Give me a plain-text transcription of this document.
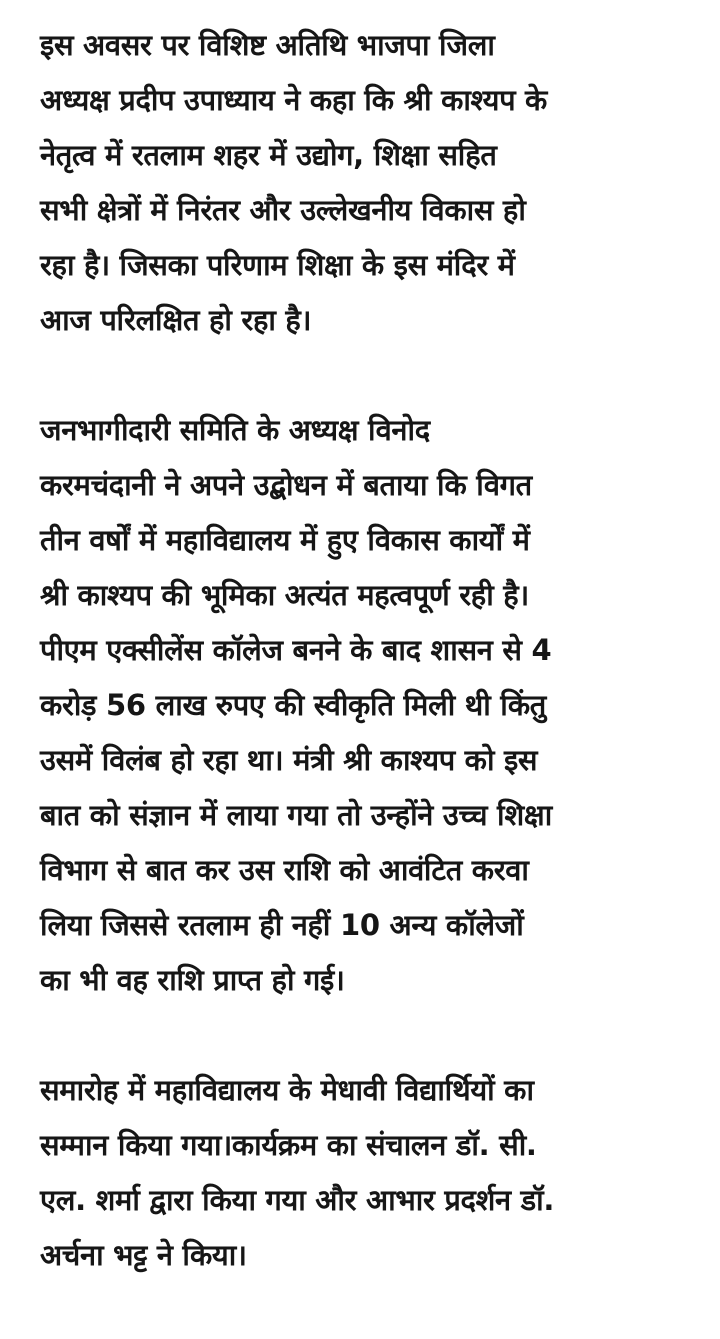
इस अवसर पर विशिष्ट अतिथि भाजपा जिला
अध्यक्ष प्रदीप उपाध्याय ने कहा कि श्री काश्यप के
नेतृत्व में रतलाम शहर में उद्योग, शिक्षा सहित
सभी क्षेत्रों में निरंतर और उल्लेखनीय विकास हो
रहा है। जिसका परिणाम शिक्षा के इस मंदिर में
आज परिलक्षित हो रहा है।
जनभागीदारी समिति के अध्यक्ष विनोद
करमचंदानी ने अपने उद्बोधन में बताया कि विगत
तीन वर्षों में महाविद्यालय में हुए विकास कार्यों में
श्री काश्यप की भूमिका अत्यंत महत्वपूर्ण रही है।
पीएम एक्सीलेंस कॉलेज बनने के बाद शासन से 4
करोड़ 56 लाख रुपए की स्वीकृति मिली थी किंतु
उसमें विलंब हो रहा था। मंत्री श्री काश्यप को इस
बात को संज्ञान में लाया गया तो उन्होंने उच्च शिक्षा
विभाग से बात कर उस राशि को आवंटित करवा
लिया जिससे रतलाम ही नहीं 10 अन्य कॉलेजों
का भी वह राशि प्राप्त हो गई।
समारोह में महाविद्यालय के मेधावी विद्यार्थियों का
सम्मान किया गया।कार्यक्रम का संचालन डॉ. सी.
एल. शर्मा द्वारा किया गया और आभार प्रदर्शन डॉ.
अर्चना भट्ट ने किया।
